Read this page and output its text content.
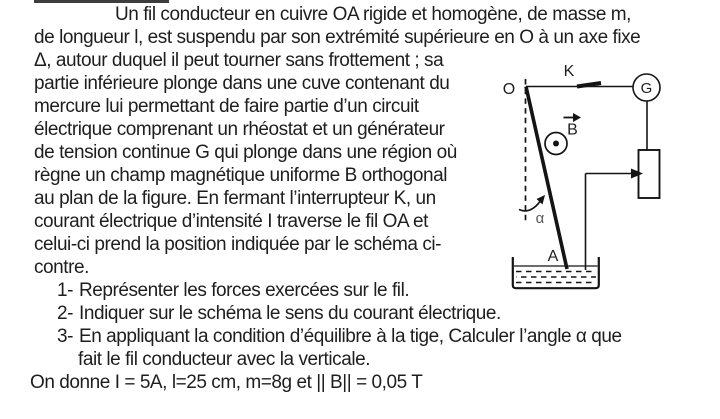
Un fil conducteur en cuivre OA rigide et homogène, de masse m,
de longueur l, est suspendu par son extrémité supérieure en O à un axe fixe
Δ, autour duquel il peut tourner sans frottement ; sa
partie inférieure plonge dans une cuve contenant du
mercure lui permettant de faire partie d’un circuit
électrique comprenant un rhéostat et un générateur
de tension continue G qui plonge dans une région où
règne un champ magnétique uniforme B orthogonal
au plan de la figure. En fermant l’interrupteur K, un
courant électrique d’intensité I traverse le fil OA et
celui-ci prend la position indiquée par le schéma ci-
contre.
1- Représenter les forces exercées sur le fil.
2- Indiquer sur le schéma le sens du courant électrique.
3- En appliquant la condition d’équilibre à la tige, Calculer l’angle α que
fait le fil conducteur avec la verticale.
On donne I = 5A, l=25 cm, m=8g et || B|| = 0,05 T
G
B
α
O
K
A
